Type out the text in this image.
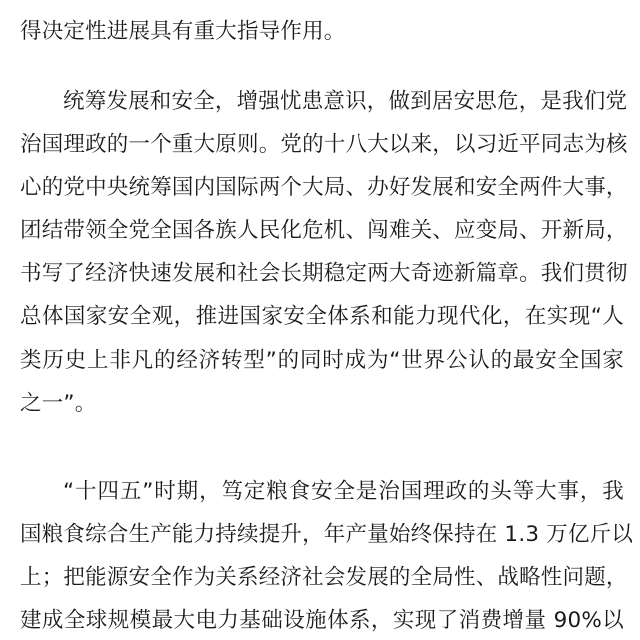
得决定性进展具有重大指导作用。
统筹发展和安全，增强忧患意识，做到居安思危，是我们党
治国理政的一个重大原则。党的十八大以来，以习近平同志为核
心的党中央统筹国内国际两个大局、办好发展和安全两件大事，
团结带领全党全国各族人民化危机、闯难关、应变局、开新局，
书写了经济快速发展和社会长期稳定两大奇迹新篇章。我们贯彻
总体国家安全观，推进国家安全体系和能力现代化，在实现“人
类历史上非凡的经济转型”的同时成为“世界公认的最安全国家
之一”。
“十四五”时期，笃定粮食安全是治国理政的头等大事，我
国粮食综合生产能力持续提升，年产量始终保持在 1.3 万亿斤以
上；把能源安全作为关系经济社会发展的全局性、战略性问题，
建成全球规模最大电力基础设施体系，实现了消费增量 90%以
